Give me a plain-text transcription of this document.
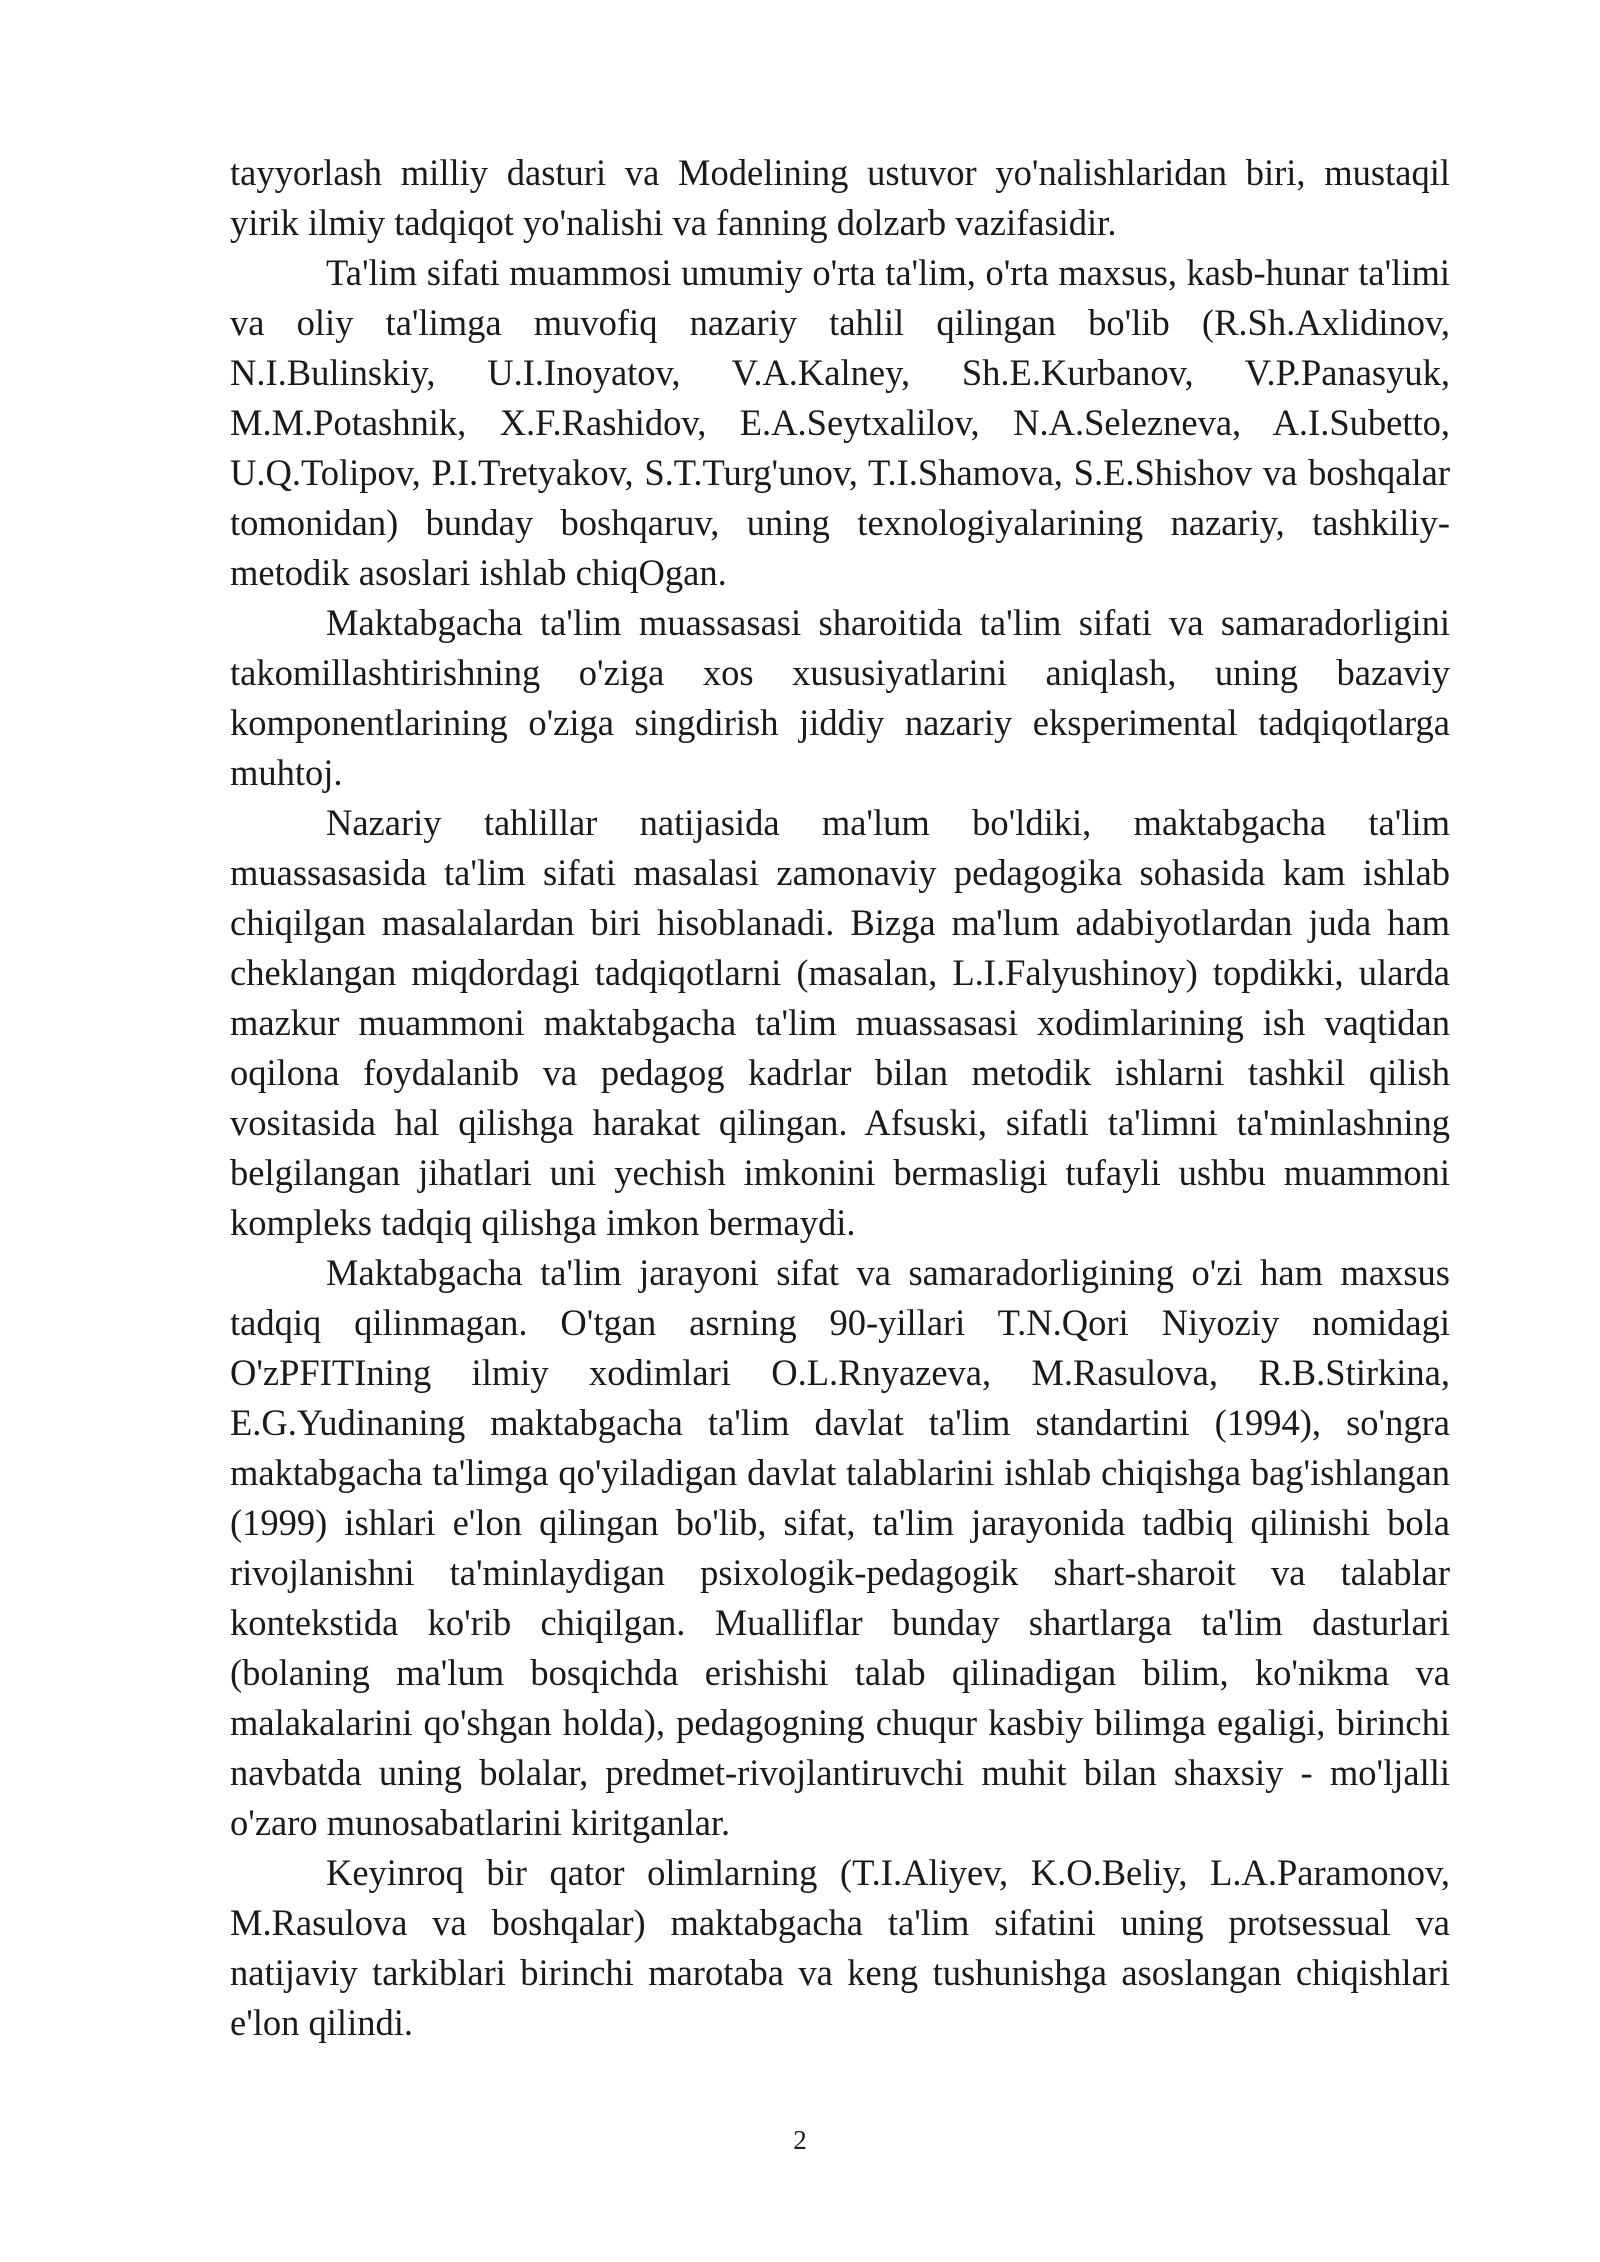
tayyorlash milliy dasturi va Modelining ustuvor yo'nalishlaridan biri, mustaqil yirik ilmiy tadqiqot yo'nalishi va fanning dolzarb vazifasidir.

Ta'lim sifati muammosi umumiy o'rta ta'lim, o'rta maxsus, kasb-hunar ta'limi va oliy ta'limga muvofiq nazariy tahlil qilingan bo'lib (R.Sh.Axlidinov, N.I.Bulinskiy, U.I.Inoyatov, V.A.Kalney, Sh.E.Kurbanov, V.P.Panasyuk, M.M.Potashnik, X.F.Rashidov, E.A.Seytxalilov, N.A.Selezneva, A.I.Subetto, U.Q.Tolipov, P.I.Tretyakov, S.T.Turg'unov, T.I.Shamova, S.E.Shishov va boshqalar tomonidan) bunday boshqaruv, uning texnologiyalarining nazariy, tashkiliy-metodik asoslari ishlab chiqOgan.

Maktabgacha ta'lim muassasasi sharoitida ta'lim sifati va samaradorligini takomillashtirishning o'ziga xos xususiyatlarini aniqlash, uning bazaviy komponentlarining o'ziga singdirish jiddiy nazariy eksperimental tadqiqotlarga muhtoj.

Nazariy tahlillar natijasida ma'lum bo'ldiki, maktabgacha ta'lim muassasasida ta'lim sifati masalasi zamonaviy pedagogika sohasida kam ishlab chiqilgan masalalardan biri hisoblanadi. Bizga ma'lum adabiyotlardan juda ham cheklangan miqdordagi tadqiqotlarni (masalan, L.I.Falyushinoy) topdikki, ularda mazkur muammoni maktabgacha ta'lim muassasasi xodimlarining ish vaqtidan oqilona foydalanib va pedagog kadrlar bilan metodik ishlarni tashkil qilish vositasida hal qilishga harakat qilingan. Afsuski, sifatli ta'limni ta'minlashning belgilangan jihatlari uni yechish imkonini bermasligi tufayli ushbu muammoni kompleks tadqiq qilishga imkon bermaydi.

Maktabgacha ta'lim jarayoni sifat va samaradorligining o'zi ham maxsus tadqiq qilinmagan. O'tgan asrning 90-yillari T.N.Qori Niyoziy nomidagi O'zPFITIning ilmiy xodimlari O.L.Rnyazeva, M.Rasulova, R.B.Stirkina, E.G.Yudinaning maktabgacha ta'lim davlat ta'lim standartini (1994), so'ngra maktabgacha ta'limga qo'yiladigan davlat talablarini ishlab chiqishga bag'ishlangan (1999) ishlari e'lon qilingan bo'lib, sifat, ta'lim jarayonida tadbiq qilinishi bola rivojlanishni ta'minlaydigan psixologik-pedagogik shart-sharoit va talablar kontekstida ko'rib chiqilgan. Mualliflar bunday shartlarga ta'lim dasturlari (bolaning ma'lum bosqichda erishishi talab qilinadigan bilim, ko'nikma va malakalarini qo'shgan holda), pedagogning chuqur kasbiy bilimga egaligi, birinchi navbatda uning bolalar, predmet-rivojlantiruvchi muhit bilan shaxsiy - mo'ljalli o'zaro munosabatlarini kiritganlar.

Keyinroq bir qator olimlarning (T.I.Aliyev, K.O.Beliy, L.A.Paramonov, M.Rasulova va boshqalar) maktabgacha ta'lim sifatini uning protsessual va natijaviy tarkiblari birinchi marotaba va keng tushunishga asoslangan chiqishlari e'lon qilindi.

2
